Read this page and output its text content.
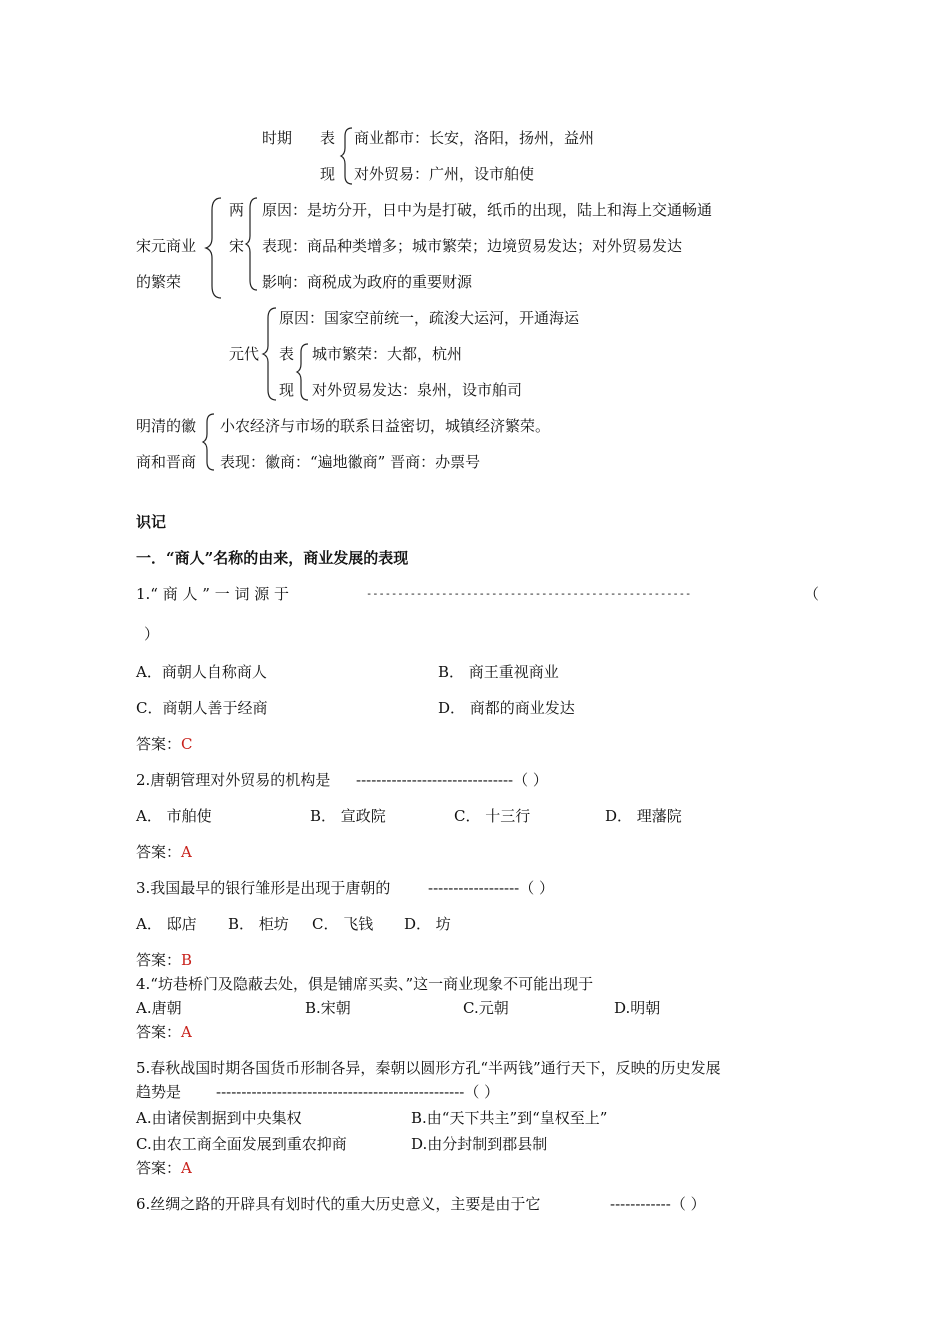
时期 表
现
商业都市：长安，洛阳，扬州，益州
对外贸易：广州，设市舶使
宋元商业
的繁荣
两
宋
原因：是坊分开，日中为是打破，纸币的出现，陆上和海上交通畅通
表现：商品种类增多；城市繁荣；边境贸易发达；对外贸易发达
影响：商税成为政府的重要财源
元代
原因：国家空前统一，疏浚大运河，开通海运
表
现
城市繁荣：大都，杭州
对外贸易发达：泉州，设市舶司
明清的徽
商和晋商
小农经济与市场的联系日益密切，城镇经济繁荣。
表现：徽商：“遍地徽商” 晋商：办票号
识记
一．“商人”名称的由来，商业发展的表现
1.“ 商 人 ” 一 词 源 于	----------------------------------------------------	（
）
A．商朝人自称商人	B． 商王重视商业
C．商朝人善于经商	D． 商都的商业发达
答案：C
2.唐朝管理对外贸易的机构是 -------------------------------（ ）
A． 市舶使	B． 宣政院	C． 十三行	D． 理藩院
答案：A
3.我国最早的银行雏形是出现于唐朝的	------------------（ ）
A． 邸店 B． 柜坊 C． 飞钱 D． 坊
答案：B
4.“坊巷桥门及隐蔽去处，俱是铺席买卖、”这一商业现象不可能出现于
A.唐朝	B.宋朝	C.元朝	D.明朝
答案：A
5.春秋战国时期各国货币形制各异，秦朝以圆形方孔“半两钱”通行天下，反映的历史发展
趋势是 -------------------------------------------------（ ）
A.由诸侯割据到中央集权	B.由“天下共主”到“皇权至上”
C.由农工商全面发展到重农抑商	D.由分封制到郡县制
答案：A
6.丝绸之路的开辟具有划时代的重大历史意义，主要是由于它	------------（ ）
